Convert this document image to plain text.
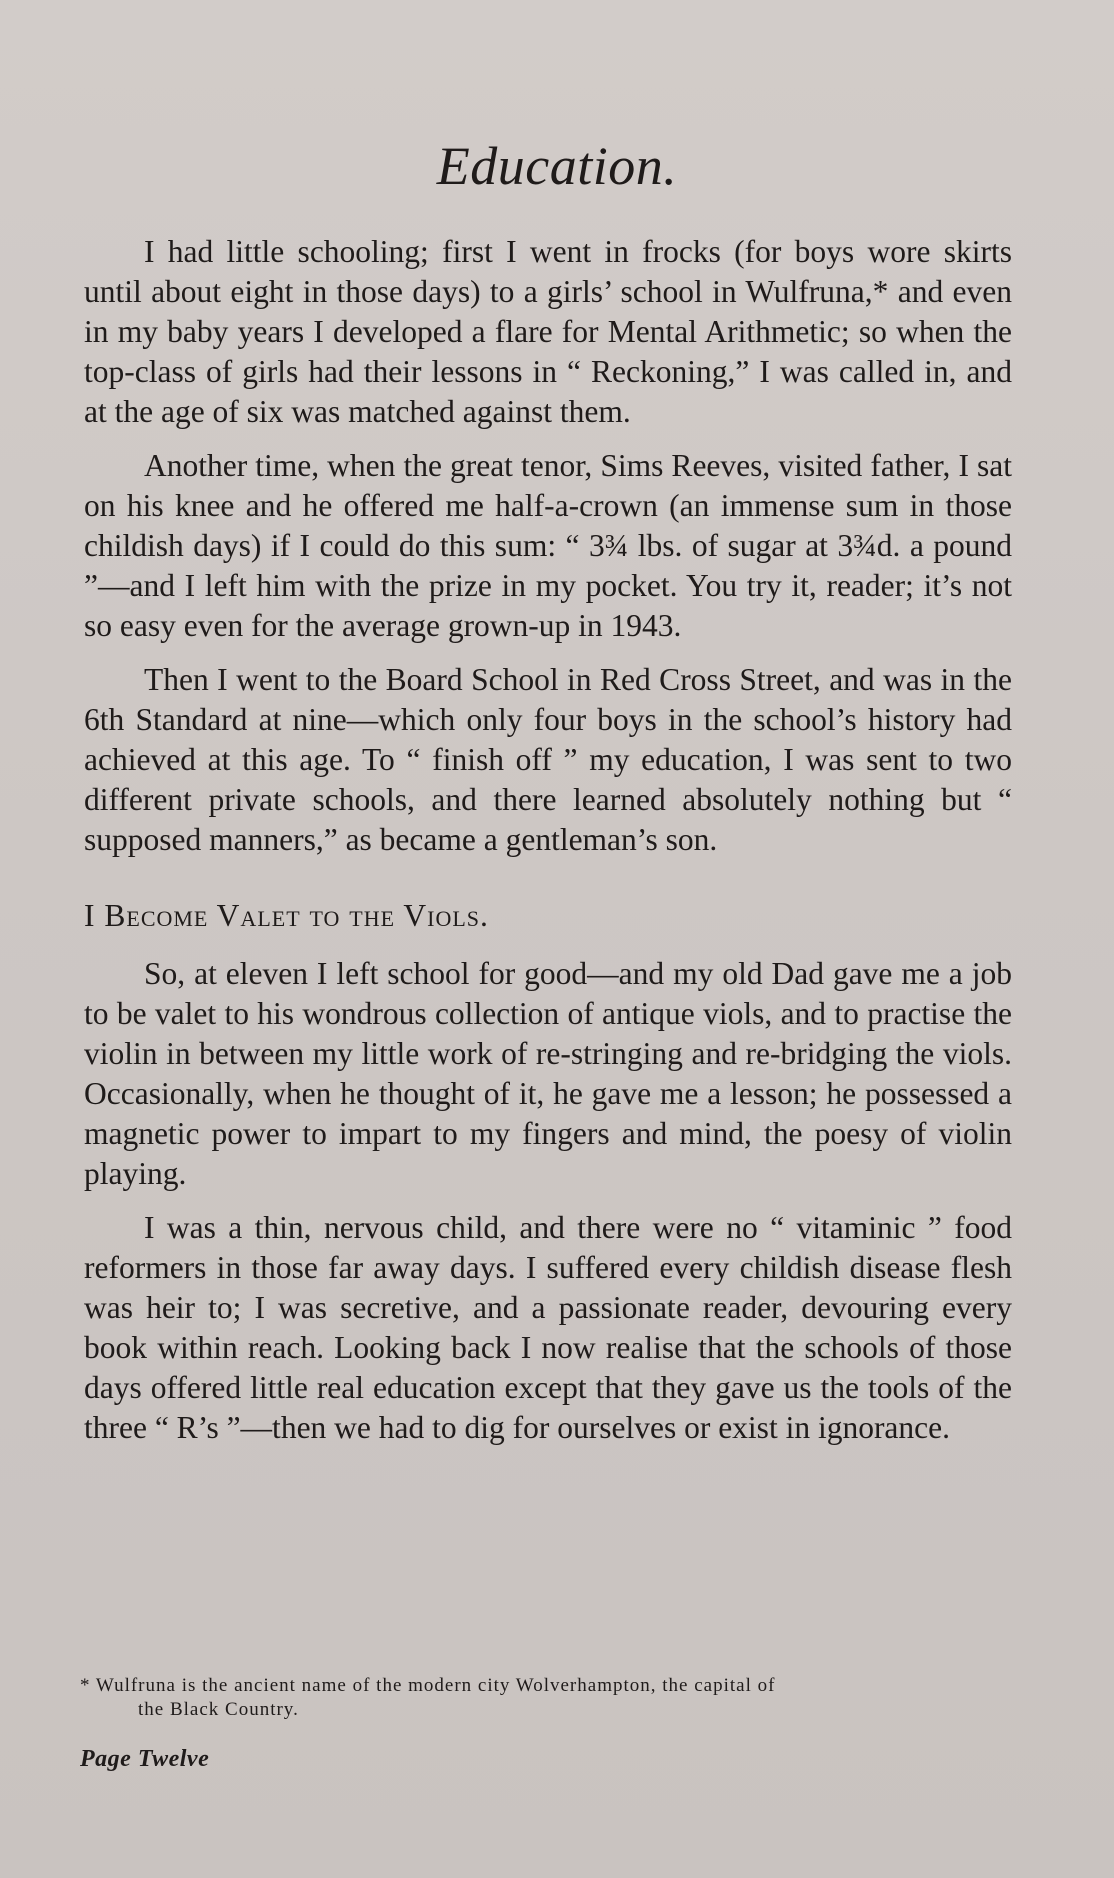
Education.

I had little schooling; first I went in frocks (for boys wore skirts until about eight in those days) to a girls’ school in Wulfruna,* and even in my baby years I developed a flare for Mental Arithmetic; so when the top-class of girls had their lessons in “ Reckoning,” I was called in, and at the age of six was matched against them.

Another time, when the great tenor, Sims Reeves, visited father, I sat on his knee and he offered me half-a-crown (an immense sum in those childish days) if I could do this sum: “ 3¾ lbs. of sugar at 3¾d. a pound ”—and I left him with the prize in my pocket. You try it, reader; it’s not so easy even for the average grown-up in 1943.

Then I went to the Board School in Red Cross Street, and was in the 6th Standard at nine—which only four boys in the school’s history had achieved at this age. To “ finish off ” my education, I was sent to two different private schools, and there learned absolutely nothing but “ supposed manners,” as became a gentleman’s son.

I Become Valet to the Viols.

So, at eleven I left school for good—and my old Dad gave me a job to be valet to his wondrous collection of antique viols, and to practise the violin in between my little work of re-stringing and re-bridging the viols. Occasionally, when he thought of it, he gave me a lesson; he possessed a magnetic power to impart to my fingers and mind, the poesy of violin playing.

I was a thin, nervous child, and there were no “ vitaminic ” food reformers in those far away days. I suffered every childish disease flesh was heir to; I was secretive, and a passionate reader, devouring every book within reach. Looking back I now realise that the schools of those days offered little real education except that they gave us the tools of the three “ R’s ”—then we had to dig for ourselves or exist in ignorance.

* Wulfruna is the ancient name of the modern city Wolverhampton, the capital of
the Black Country.
Page Twelve
